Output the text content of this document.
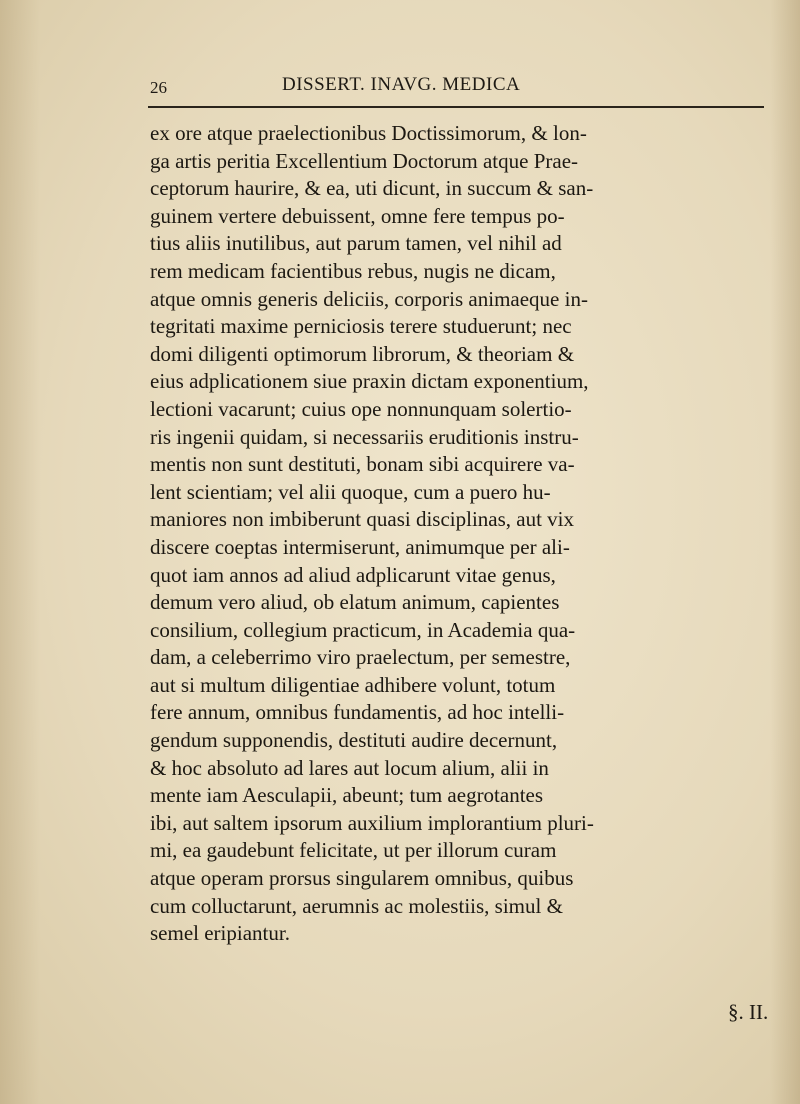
26	DISSERT. INAVG. MEDICA
ex ore atque praelectionibus Doctissimorum, & lon-
ga artis peritia Excellentium Doctorum atque Prae-
ceptorum haurire, & ea, uti dicunt, in succum & san-
guinem vertere debuissent, omne fere tempus po-
tius aliis inutilibus, aut parum tamen, vel nihil ad
rem medicam facientibus rebus, nugis ne dicam,
atque omnis generis deliciis, corporis animaeque in-
tegritati maxime perniciosis terere studuerunt; nec
domi diligenti optimorum librorum, & theoriam &
eius adplicationem siue praxin dictam exponentium,
lectioni vacarunt; cuius ope nonnunquam solertio-
ris ingenii quidam, si necessariis eruditionis instru-
mentis non sunt destituti, bonam sibi acquirere va-
lent scientiam; vel alii quoque, cum a puero hu-
maniores non imbiberunt quasi disciplinas, aut vix
discere coeptas intermiserunt, animumque per ali-
quot iam annos ad aliud adplicarunt vitae genus,
demum vero aliud, ob elatum animum, capientes
consilium, collegium practicum, in Academia qua-
dam, a celeberrimo viro praelectum, per semestre,
aut si multum diligentiae adhibere volunt, totum
fere annum, omnibus fundamentis, ad hoc intelli-
gendum supponendis, destituti audire decernunt,
& hoc absoluto ad lares aut locum alium, alii in
mente iam Aesculapii, abeunt; tum aegrotantes
ibi, aut saltem ipsorum auxilium implorantium pluri-
mi, ea gaudebunt felicitate, ut per illorum curam
atque operam prorsus singularem omnibus, quibus
cum colluctarunt, aerumnis ac molestiis, simul &
semel eripiantur.
§. II.
